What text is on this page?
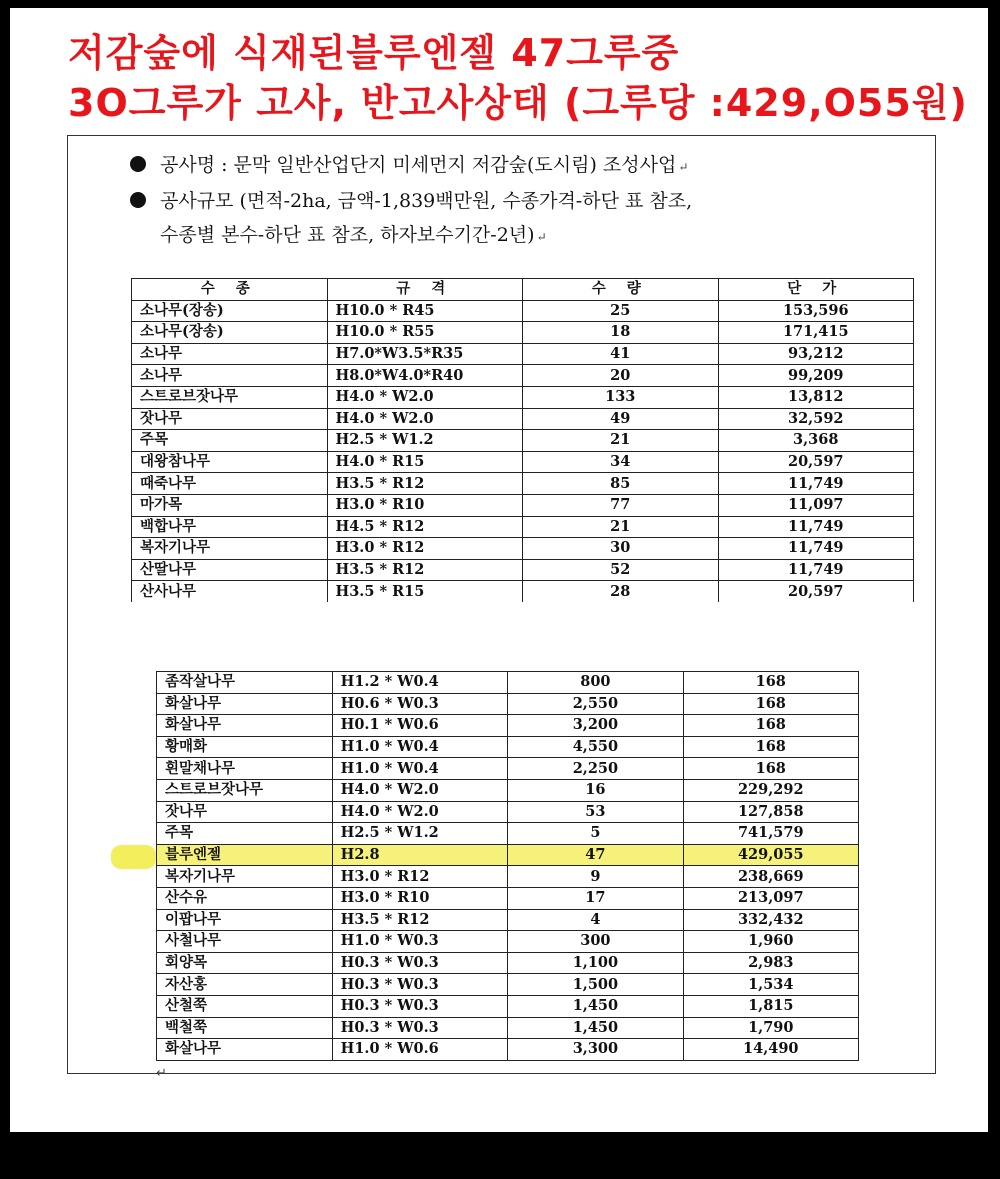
저감숲에 식재된블루엔젤 47그루중
3O그루가 고사, 반고사상태 (그루당 :429,O55원)
공사명 : 문막 일반산업단지 미세먼지 저감숲(도시림) 조성사업 ↵
공사규모 (면적-2ha, 금액-1,839백만원, 수종가격-하단 표 참조,
수종별 본수-하단 표 참조, 하자보수기간-2년) ↵
수 종	규 격	수 량	단 가
소나무(장송)	H10.0 * R45	25	153,596
소나무(장송)	H10.0 * R55	18	171,415
소나무	H7.0*W3.5*R35	41	93,212
소나무	H8.0*W4.0*R40	20	99,209
스트로브잣나무	H4.0 * W2.0	133	13,812
잣나무	H4.0 * W2.0	49	32,592
주목	H2.5 * W1.2	21	3,368
대왕참나무	H4.0 * R15	34	20,597
때죽나무	H3.5 * R12	85	11,749
마가목	H3.0 * R10	77	11,097
백합나무	H4.5 * R12	21	11,749
복자기나무	H3.0 * R12	30	11,749
산딸나무	H3.5 * R12	52	11,749
산사나무	H3.5 * R15	28	20,597
좀작살나무	H1.2 * W0.4	800	168
화살나무	H0.6 * W0.3	2,550	168
화살나무	H0.1 * W0.6	3,200	168
황매화	H1.0 * W0.4	4,550	168
흰말채나무	H1.0 * W0.4	2,250	168
스트로브잣나무	H4.0 * W2.0	16	229,292
잣나무	H4.0 * W2.0	53	127,858
주목	H2.5 * W1.2	5	741,579
블루엔젤	H2.8	47	429,055
복자기나무	H3.0 * R12	9	238,669
산수유	H3.0 * R10	17	213,097
이팝나무	H3.5 * R12	4	332,432
사철나무	H1.0 * W0.3	300	1,960
회양목	H0.3 * W0.3	1,100	2,983
자산홍	H0.3 * W0.3	1,500	1,534
산철쭉	H0.3 * W0.3	1,450	1,815
백철쭉	H0.3 * W0.3	1,450	1,790
화살나무	H1.0 * W0.6	3,300	14,490
↵
